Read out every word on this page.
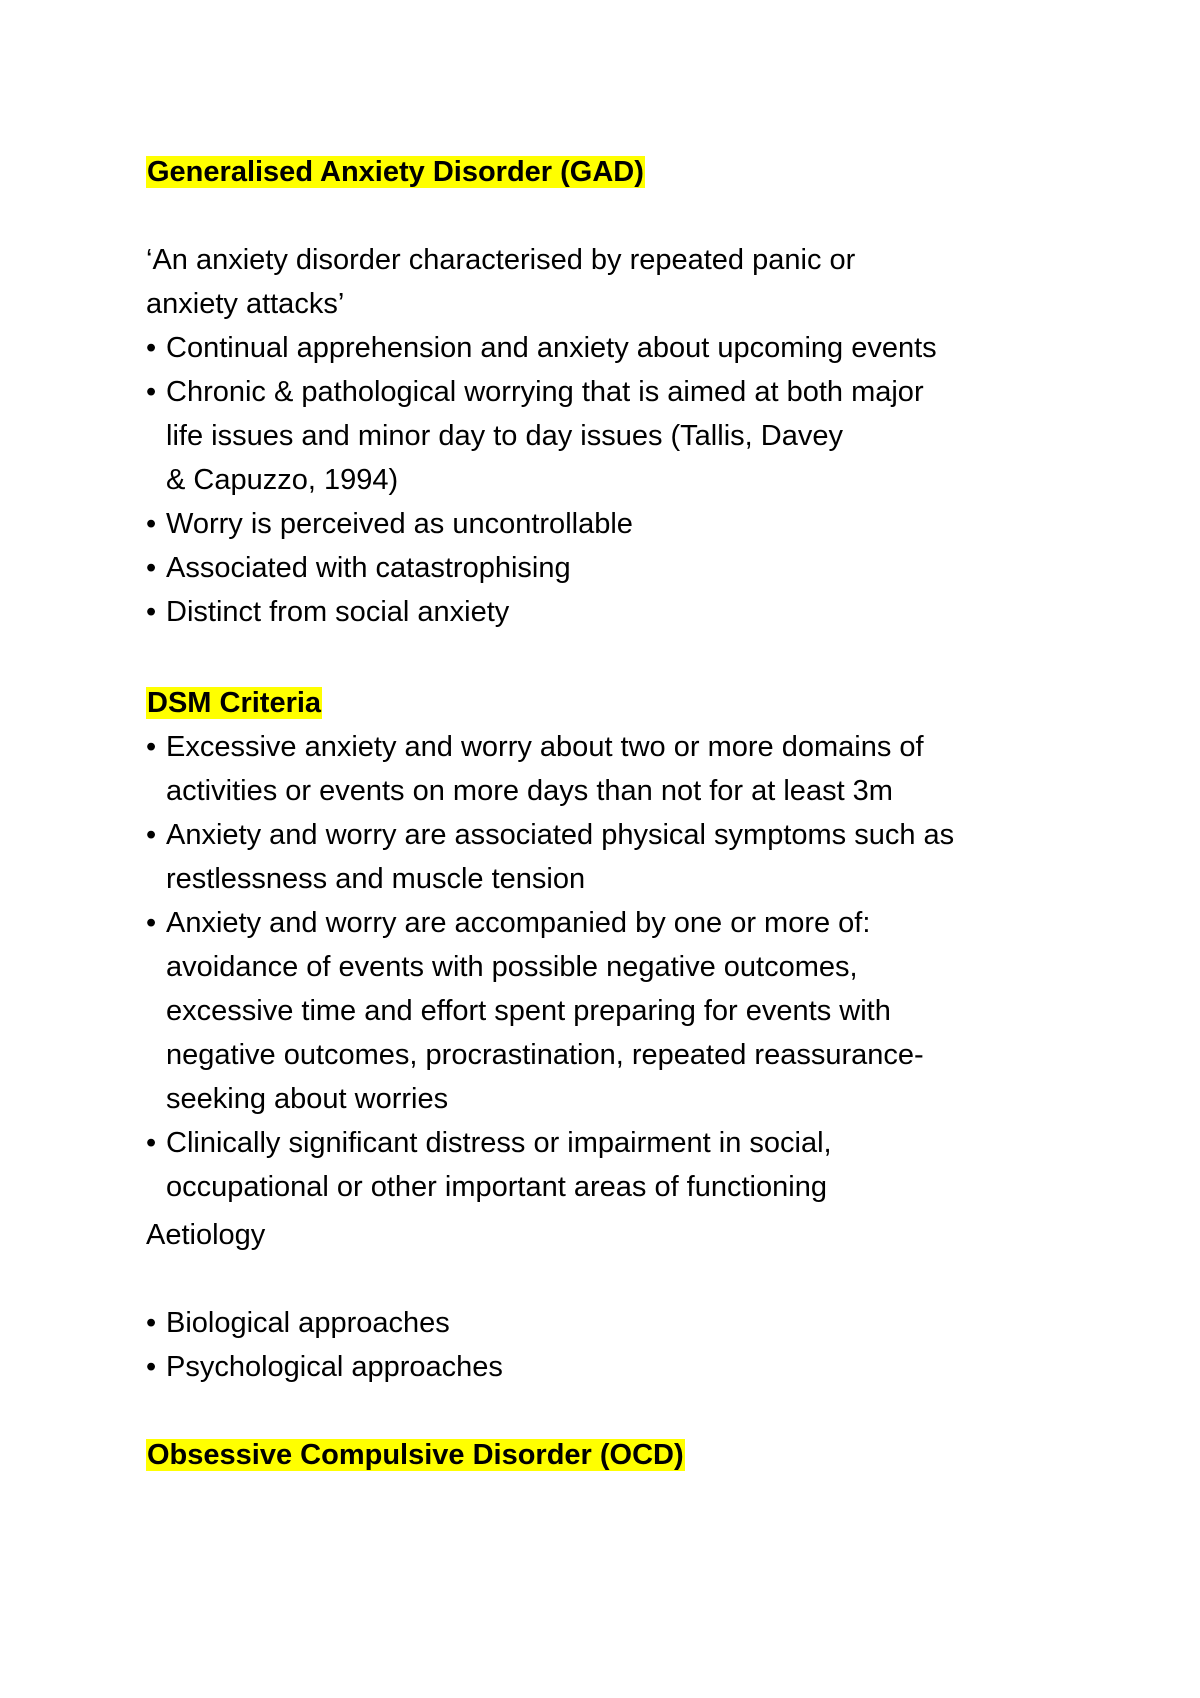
Generalised Anxiety Disorder (GAD)
‘An anxiety disorder characterised by repeated panic or
anxiety attacks’
• Continual apprehension and anxiety about upcoming events
• Chronic & pathological worrying that is aimed at both major
life issues and minor day to day issues (Tallis, Davey
& Capuzzo, 1994)
• Worry is perceived as uncontrollable
• Associated with catastrophising
• Distinct from social anxiety
DSM Criteria
• Excessive anxiety and worry about two or more domains of
activities or events on more days than not for at least 3m
• Anxiety and worry are associated physical symptoms such as
restlessness and muscle tension
• Anxiety and worry are accompanied by one or more of:
avoidance of events with possible negative outcomes,
excessive time and effort spent preparing for events with
negative outcomes, procrastination, repeated reassurance-
seeking about worries
• Clinically significant distress or impairment in social,
occupational or other important areas of functioning
Aetiology
• Biological approaches
• Psychological approaches
Obsessive Compulsive Disorder (OCD)
